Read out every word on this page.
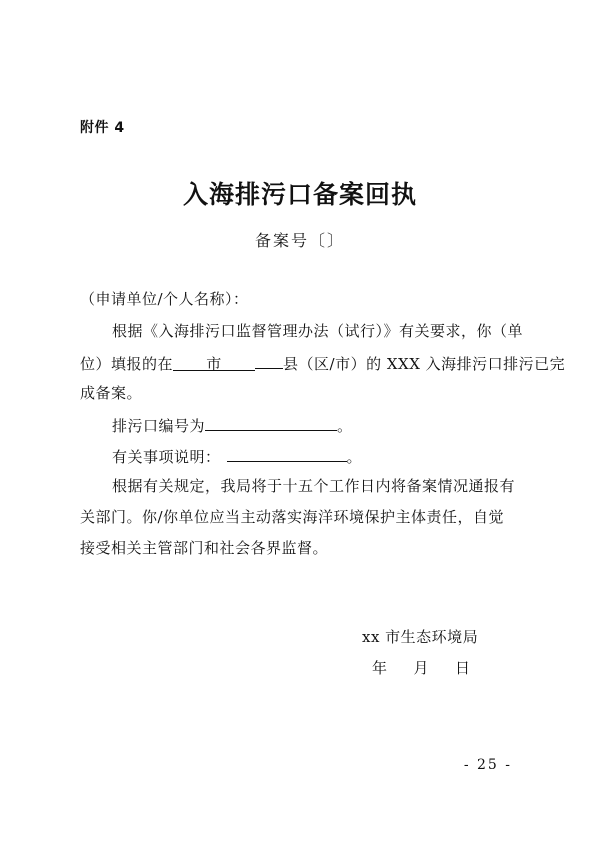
附件 4
入海排污口备案回执
备案号〔〕
（申请单位/个人名称）：
根据《入海排污口监督管理办法（试行）》有关要求，你（单
位）填报的在 市	县（区/市）的 XXX 入海排污口排污已完
成备案。
排污口编号为	。
有关事项说明：	。
根据有关规定，我局将于十五个工作日内将备案情况通报有
关部门。你/你单位应当主动落实海洋环境保护主体责任，自觉
接受相关主管部门和社会各界监督。
xx 市生态环境局
年 月 日
- 25 -
